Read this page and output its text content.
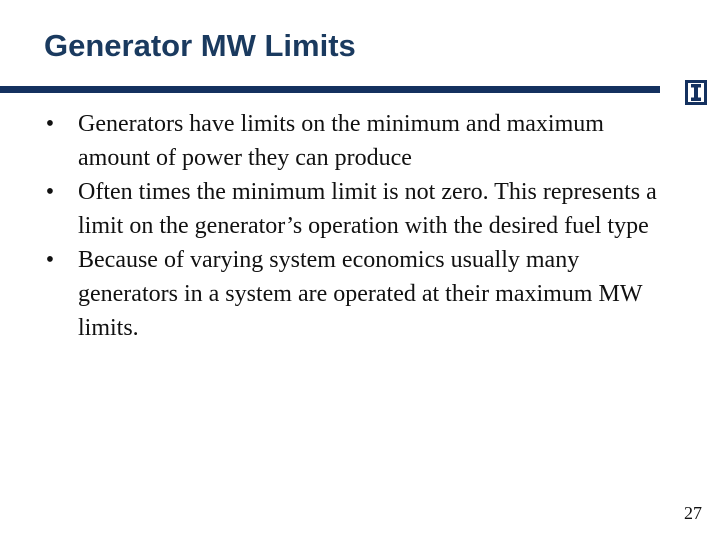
Generator MW Limits
• Generators have limits on the minimum and maximum amount of power they can produce
• Often times the minimum limit is not zero. This represents a limit on the generator’s operation with the desired fuel type
• Because of varying system economics usually many generators in a system are operated at their maximum MW limits.
27
